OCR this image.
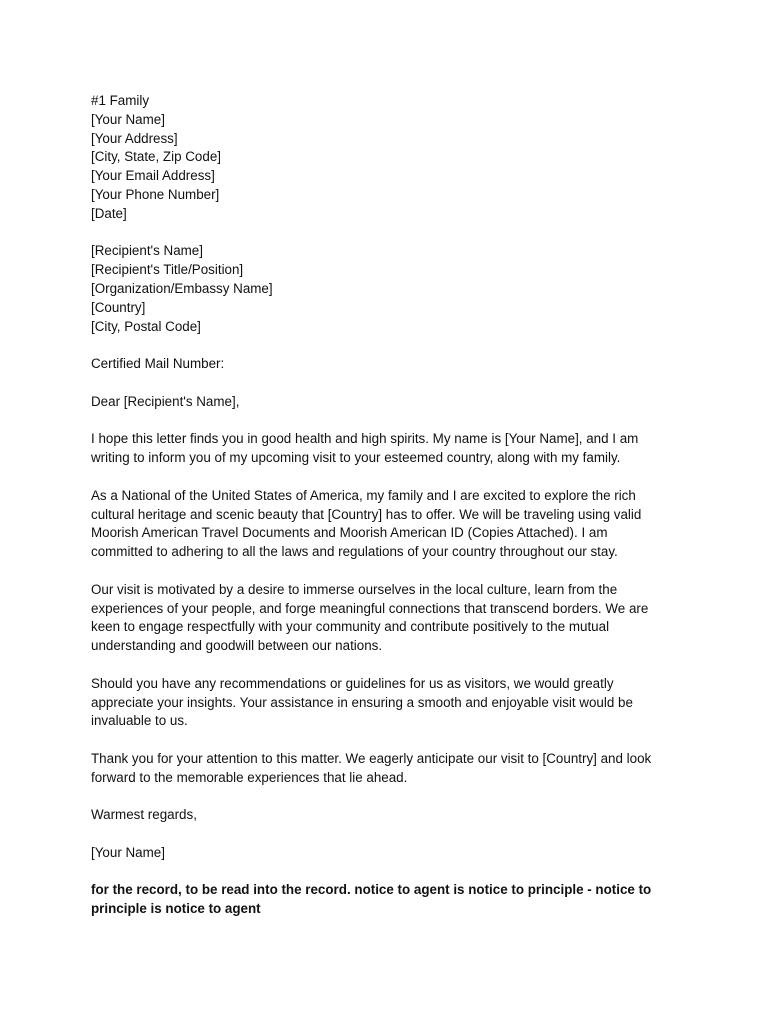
#1 Family
[Your Name]
[Your Address]
[City, State, Zip Code]
[Your Email Address]
[Your Phone Number]
[Date]
[Recipient's Name]
[Recipient's Title/Position]
[Organization/Embassy Name]
[Country]
[City, Postal Code]
Certified Mail Number:
Dear [Recipient's Name],
I hope this letter finds you in good health and high spirits. My name is [Your Name], and I am
writing to inform you of my upcoming visit to your esteemed country, along with my family.
As a National of the United States of America, my family and I are excited to explore the rich
cultural heritage and scenic beauty that [Country] has to offer. We will be traveling using valid
Moorish American Travel Documents and Moorish American ID (Copies Attached). I am
committed to adhering to all the laws and regulations of your country throughout our stay.
Our visit is motivated by a desire to immerse ourselves in the local culture, learn from the
experiences of your people, and forge meaningful connections that transcend borders. We are
keen to engage respectfully with your community and contribute positively to the mutual
understanding and goodwill between our nations.
Should you have any recommendations or guidelines for us as visitors, we would greatly
appreciate your insights. Your assistance in ensuring a smooth and enjoyable visit would be
invaluable to us.
Thank you for your attention to this matter. We eagerly anticipate our visit to [Country] and look
forward to the memorable experiences that lie ahead.
Warmest regards,
[Your Name]
for the record, to be read into the record. notice to agent is notice to principle - notice to
principle is notice to agent
